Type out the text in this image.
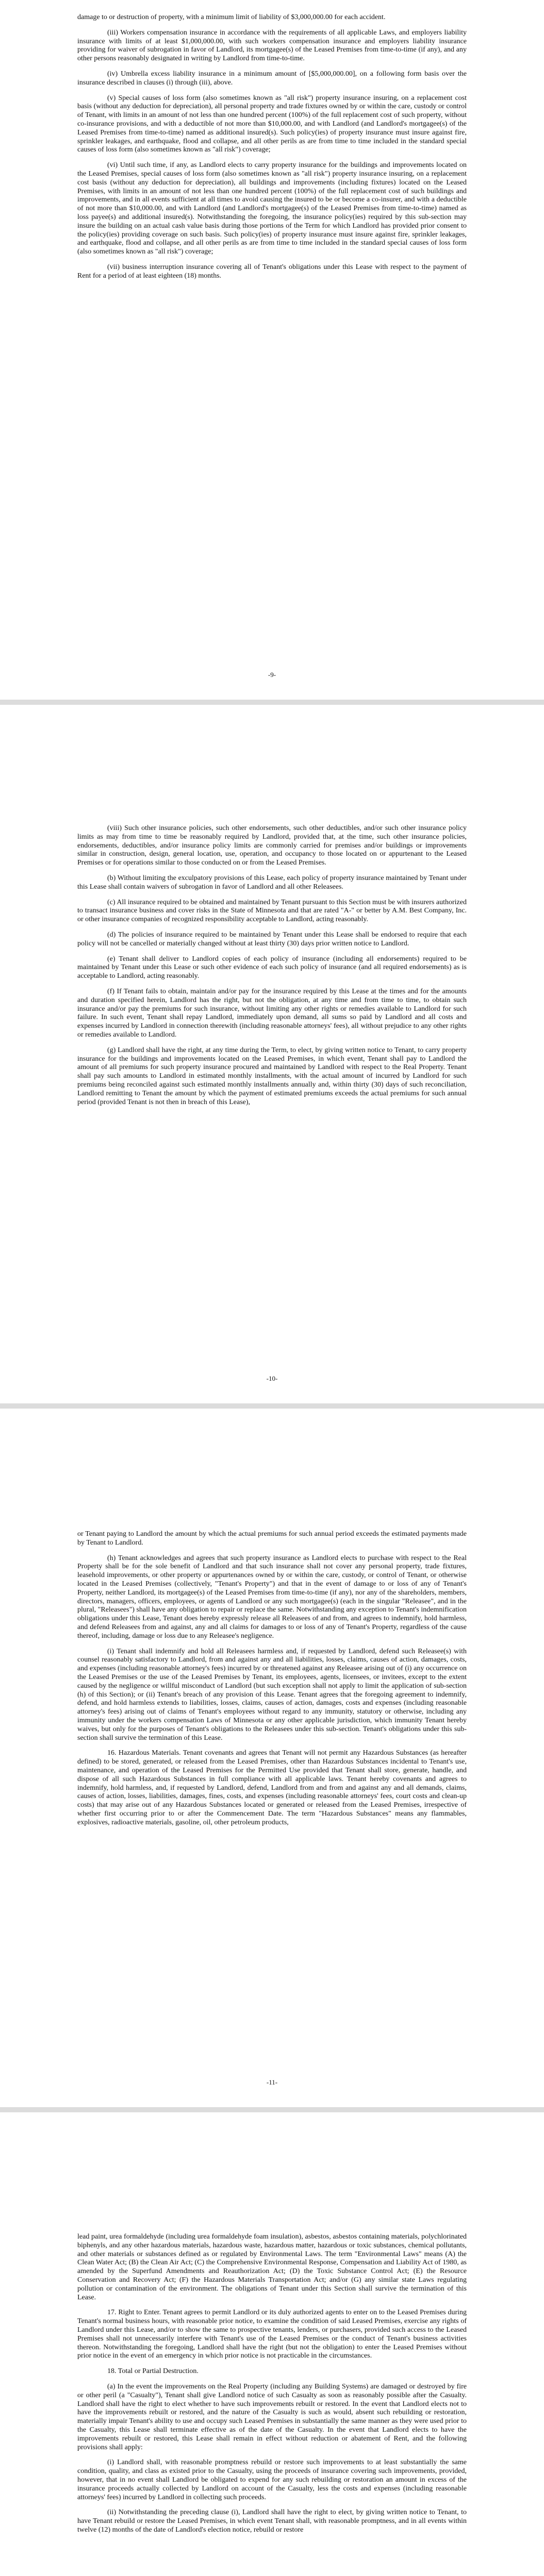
damage to or destruction of property, with a minimum limit of liability of $3,000,000.00 for each accident.

(iii) Workers compensation insurance in accordance with the requirements of all applicable Laws, and employers liability insurance with limits of at least $1,000,000.00, with such workers compensation insurance and employers liability insurance providing for waiver of subrogation in favor of Landlord, its mortgagee(s) of the Leased Premises from time-to-time (if any), and any other persons reasonably designated in writing by Landlord from time-to-time.

(iv) Umbrella excess liability insurance in a minimum amount of [$5,000,000.00], on a following form basis over the insurance described in clauses (i) through (iii), above.

(v) Special causes of loss form (also sometimes known as "all risk") property insurance insuring, on a replacement cost basis (without any deduction for depreciation), all personal property and trade fixtures owned by or within the care, custody or control of Tenant, with limits in an amount of not less than one hundred percent (100%) of the full replacement cost of such property, without co-insurance provisions, and with a deductible of not more than $10,000.00, and with Landlord (and Landlord's mortgagee(s) of the Leased Premises from time-to-time) named as additional insured(s). Such policy(ies) of property insurance must insure against fire, sprinkler leakages, and earthquake, flood and collapse, and all other perils as are from time to time included in the standard special causes of loss form (also sometimes known as "all risk") coverage;

(vi) Until such time, if any, as Landlord elects to carry property insurance for the buildings and improvements located on the Leased Premises, special causes of loss form (also sometimes known as "all risk") property insurance insuring, on a replacement cost basis (without any deduction for depreciation), all buildings and improvements (including fixtures) located on the Leased Premises, with limits in an amount of not less than one hundred percent (100%) of the full replacement cost of such buildings and improvements, and in all events sufficient at all times to avoid causing the insured to be or become a co-insurer, and with a deductible of not more than $10,000.00, and with Landlord (and Landlord's mortgagee(s) of the Leased Premises from time-to-time) named as loss payee(s) and additional insured(s). Notwithstanding the foregoing, the insurance policy(ies) required by this sub-section may insure the building on an actual cash value basis during those portions of the Term for which Landlord has provided prior consent to the policy(ies) providing coverage on such basis. Such policy(ies) of property insurance must insure against fire, sprinkler leakages, and earthquake, flood and collapse, and all other perils as are from time to time included in the standard special causes of loss form (also sometimes known as "all risk") coverage;

(vii) business interruption insurance covering all of Tenant's obligations under this Lease with respect to the payment of Rent for a period of at least eighteen (18) months.

-9-

(viii) Such other insurance policies, such other endorsements, such other deductibles, and/or such other insurance policy limits as may from time to time be reasonably required by Landlord, provided that, at the time, such other insurance policies, endorsements, deductibles, and/or insurance policy limits are commonly carried for premises and/or buildings or improvements similar in construction, design, general location, use, operation, and occupancy to those located on or appurtenant to the Leased Premises or for operations similar to those conducted on or from the Leased Premises.

(b) Without limiting the exculpatory provisions of this Lease, each policy of property insurance maintained by Tenant under this Lease shall contain waivers of subrogation in favor of Landlord and all other Releasees.

(c) All insurance required to be obtained and maintained by Tenant pursuant to this Section must be with insurers authorized to transact insurance business and cover risks in the State of Minnesota and that are rated "A-" or better by A.M. Best Company, Inc. or other insurance companies of recognized responsibility acceptable to Landlord, acting reasonably.

(d) The policies of insurance required to be maintained by Tenant under this Lease shall be endorsed to require that each policy will not be cancelled or materially changed without at least thirty (30) days prior written notice to Landlord.

(e) Tenant shall deliver to Landlord copies of each policy of insurance (including all endorsements) required to be maintained by Tenant under this Lease or such other evidence of each such policy of insurance (and all required endorsements) as is acceptable to Landlord, acting reasonably.

(f) If Tenant fails to obtain, maintain and/or pay for the insurance required by this Lease at the times and for the amounts and duration specified herein, Landlord has the right, but not the obligation, at any time and from time to time, to obtain such insurance and/or pay the premiums for such insurance, without limiting any other rights or remedies available to Landlord for such failure. In such event, Tenant shall repay Landlord, immediately upon demand, all sums so paid by Landlord and all costs and expenses incurred by Landlord in connection therewith (including reasonable attorneys' fees), all without prejudice to any other rights or remedies available to Landlord.

(g) Landlord shall have the right, at any time during the Term, to elect, by giving written notice to Tenant, to carry property insurance for the buildings and improvements located on the Leased Premises, in which event, Tenant shall pay to Landlord the amount of all premiums for such property insurance procured and maintained by Landlord with respect to the Real Property. Tenant shall pay such amounts to Landlord in estimated monthly installments, with the actual amount of incurred by Landlord for such premiums being reconciled against such estimated monthly installments annually and, within thirty (30) days of such reconciliation, Landlord remitting to Tenant the amount by which the payment of estimated premiums exceeds the actual premiums for such annual period (provided Tenant is not then in breach of this Lease),

-10-

or Tenant paying to Landlord the amount by which the actual premiums for such annual period exceeds the estimated payments made by Tenant to Landlord.

(h) Tenant acknowledges and agrees that such property insurance as Landlord elects to purchase with respect to the Real Property shall be for the sole benefit of Landlord and that such insurance shall not cover any personal property, trade fixtures, leasehold improvements, or other property or appurtenances owned by or within the care, custody, or control of Tenant, or otherwise located in the Leased Premises (collectively, "Tenant's Property") and that in the event of damage to or loss of any of Tenant's Property, neither Landlord, its mortgagee(s) of the Leased Premises from time-to-time (if any), nor any of the shareholders, members, directors, managers, officers, employees, or agents of Landlord or any such mortgagee(s) (each in the singular "Releasee", and in the plural, "Releasees") shall have any obligation to repair or replace the same. Notwithstanding any exception to Tenant's indemnification obligations under this Lease, Tenant does hereby expressly release all Releasees of and from, and agrees to indemnify, hold harmless, and defend Releasees from and against, any and all claims for damages to or loss of any of Tenant's Property, regardless of the cause thereof, including, damage or loss due to any Releasee's negligence.

(i) Tenant shall indemnify and hold all Releasees harmless and, if requested by Landlord, defend such Releasee(s) with counsel reasonably satisfactory to Landlord, from and against any and all liabilities, losses, claims, causes of action, damages, costs, and expenses (including reasonable attorney's fees) incurred by or threatened against any Releasee arising out of (i) any occurrence on the Leased Premises or the use of the Leased Premises by Tenant, its employees, agents, licensees, or invitees, except to the extent caused by the negligence or willful misconduct of Landlord (but such exception shall not apply to limit the application of sub-section (h) of this Section); or (ii) Tenant's breach of any provision of this Lease. Tenant agrees that the foregoing agreement to indemnify, defend, and hold harmless extends to liabilities, losses, claims, causes of action, damages, costs and expenses (including reasonable attorney's fees) arising out of claims of Tenant's employees without regard to any immunity, statutory or otherwise, including any immunity under the workers compensation Laws of Minnesota or any other applicable jurisdiction, which immunity Tenant hereby waives, but only for the purposes of Tenant's obligations to the Releasees under this sub-section. Tenant's obligations under this sub-section shall survive the termination of this Lease.

16. Hazardous Materials. Tenant covenants and agrees that Tenant will not permit any Hazardous Substances (as hereafter defined) to be stored, generated, or released from the Leased Premises, other than Hazardous Substances incidental to Tenant's use, maintenance, and operation of the Leased Premises for the Permitted Use provided that Tenant shall store, generate, handle, and dispose of all such Hazardous Substances in full compliance with all applicable laws. Tenant hereby covenants and agrees to indemnify, hold harmless, and, if requested by Landlord, defend, Landlord from and from and against any and all demands, claims, causes of action, losses, liabilities, damages, fines, costs, and expenses (including reasonable attorneys' fees, court costs and clean-up costs) that may arise out of any Hazardous Substances located or generated or released from the Leased Premises, irrespective of whether first occurring prior to or after the Commencement Date. The term "Hazardous Substances" means any flammables, explosives, radioactive materials, gasoline, oil, other petroleum products,

-11-

lead paint, urea formaldehyde (including urea formaldehyde foam insulation), asbestos, asbestos containing materials, polychlorinated biphenyls, and any other hazardous materials, hazardous waste, hazardous matter, hazardous or toxic substances, chemical pollutants, and other materials or substances defined as or regulated by Environmental Laws. The term "Environmental Laws" means (A) the Clean Water Act; (B) the Clean Air Act; (C) the Comprehensive Environmental Response, Compensation and Liability Act of 1980, as amended by the Superfund Amendments and Reauthorization Act; (D) the Toxic Substance Control Act; (E) the Resource Conservation and Recovery Act; (F) the Hazardous Materials Transportation Act; and/or (G) any similar state Laws regulating pollution or contamination of the environment. The obligations of Tenant under this Section shall survive the termination of this Lease.

17. Right to Enter. Tenant agrees to permit Landlord or its duly authorized agents to enter on to the Leased Premises during Tenant's normal business hours, with reasonable prior notice, to examine the condition of said Leased Premises, exercise any rights of Landlord under this Lease, and/or to show the same to prospective tenants, lenders, or purchasers, provided such access to the Leased Premises shall not unnecessarily interfere with Tenant's use of the Leased Premises or the conduct of Tenant's business activities thereon. Notwithstanding the foregoing, Landlord shall have the right (but not the obligation) to enter the Leased Premises without prior notice in the event of an emergency in which prior notice is not practicable in the circumstances.

18. Total or Partial Destruction.

(a) In the event the improvements on the Real Property (including any Building Systems) are damaged or destroyed by fire or other peril (a "Casualty"), Tenant shall give Landlord notice of such Casualty as soon as reasonably possible after the Casualty. Landlord shall have the right to elect whether to have such improvements rebuilt or restored. In the event that Landlord elects not to have the improvements rebuilt or restored, and the nature of the Casualty is such as would, absent such rebuilding or restoration, materially impair Tenant's ability to use and occupy such Leased Premises in substantially the same manner as they were used prior to the Casualty, this Lease shall terminate effective as of the date of the Casualty. In the event that Landlord elects to have the improvements rebuilt or restored, this Lease shall remain in effect without reduction or abatement of Rent, and the following provisions shall apply:

(i) Landlord shall, with reasonable promptness rebuild or restore such improvements to at least substantially the same condition, quality, and class as existed prior to the Casualty, using the proceeds of insurance covering such improvements, provided, however, that in no event shall Landlord be obligated to expend for any such rebuilding or restoration an amount in excess of the insurance proceeds actually collected by Landlord on account of the Casualty, less the costs and expenses (including reasonable attorneys' fees) incurred by Landlord in collecting such proceeds.

(ii) Notwithstanding the preceding clause (i), Landlord shall have the right to elect, by giving written notice to Tenant, to have Tenant rebuild or restore the Leased Premises, in which event Tenant shall, with reasonable promptness, and in all events within twelve (12) months of the date of Landlord's election notice, rebuild or restore
